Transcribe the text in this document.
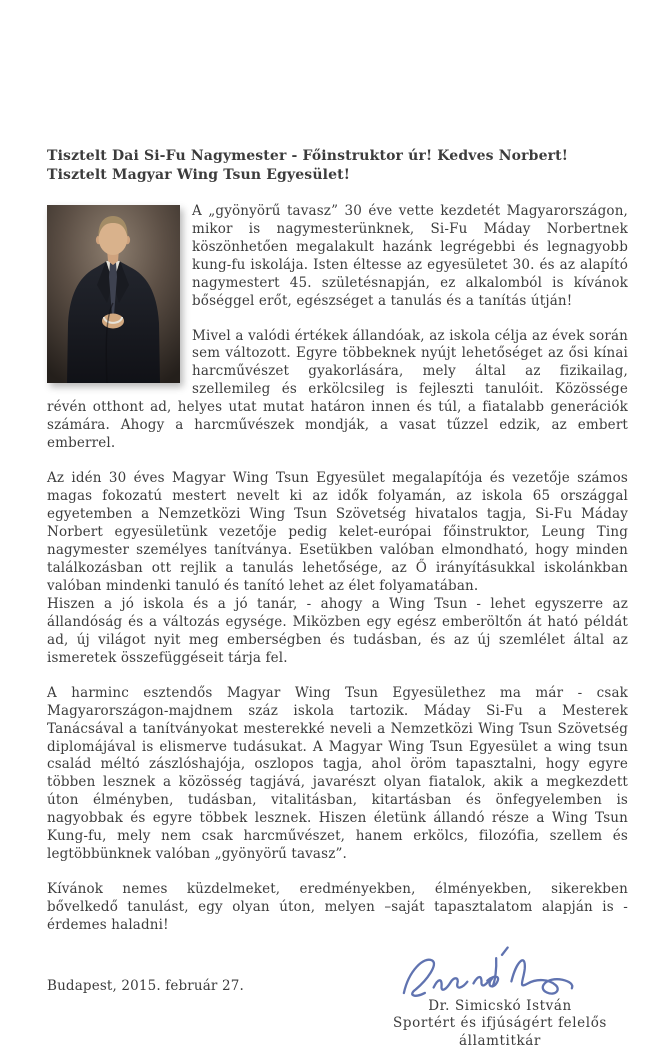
Tisztelt Dai Si-Fu Nagymester - Főinstruktor úr! Kedves Norbert!
Tisztelt Magyar Wing Tsun Egyesület!

A „gyönyörű tavasz” 30 éve vette kezdetét Magyarországon, mikor is nagymesterünknek, Si-Fu Máday Norbertnek köszönhetően megalakult hazánk legrégebbi és legnagyobb kung-fu iskolája. Isten éltesse az egyesületet 30. és az alapító nagymestert 45. születésnapján, ez alkalomból is kívánok bőséggel erőt, egészséget a tanulás és a tanítás útján!

Mivel a valódi értékek állandóak, az iskola célja az évek során sem változott. Egyre többeknek nyújt lehetőséget az ősi kínai harcművészet gyakorlására, mely által az fizikailag, szellemileg és erkölcsileg is fejleszti tanulóit. Közössége révén otthont ad, helyes utat mutat határon innen és túl, a fiatalabb generációk számára. Ahogy a harcművészek mondják, a vasat tűzzel edzik, az embert emberrel.

Az idén 30 éves Magyar Wing Tsun Egyesület megalapítója és vezetője számos magas fokozatú mestert nevelt ki az idők folyamán, az iskola 65 országgal egyetemben a Nemzetközi Wing Tsun Szövetség hivatalos tagja, Si-Fu Máday Norbert egyesületünk vezetője pedig kelet-európai főinstruktor, Leung Ting nagymester személyes tanítványa. Esetükben valóban elmondható, hogy minden találkozásban ott rejlik a tanulás lehetősége, az Ő irányításukkal iskolánkban valóban mindenki tanuló és tanító lehet az élet folyamatában.

Hiszen a jó iskola és a jó tanár, - ahogy a Wing Tsun - lehet egyszerre az állandóság és a változás egysége. Miközben egy egész emberöltőn át ható példát ad, új világot nyit meg emberségben és tudásban, és az új szemlélet által az ismeretek összefüggéseit tárja fel.

A harminc esztendős Magyar Wing Tsun Egyesülethez ma már - csak Magyarországon-majdnem száz iskola tartozik. Máday Si-Fu a Mesterek Tanácsával a tanítványokat mesterekké neveli a Nemzetközi Wing Tsun Szövetség diplomájával is elismerve tudásukat. A Magyar Wing Tsun Egyesület a wing tsun család méltó zászlóshajója, oszlopos tagja, ahol öröm tapasztalni, hogy egyre többen lesznek a közösség tagjává, javarészt olyan fiatalok, akik a megkezdett úton élményben, tudásban, vitalitásban, kitartásban és önfegyelemben is nagyobbak és egyre többek lesznek. Hiszen életünk állandó része a Wing Tsun Kung-fu, mely nem csak harcművészet, hanem erkölcs, filozófia, szellem és legtöbbünknek valóban „gyönyörű tavasz”.

Kívánok nemes küzdelmeket, eredményekben, élményekben, sikerekben bővelkedő tanulást, egy olyan úton, melyen –saját tapasztalatom alapján is - érdemes haladni!

Budapest, 2015. február 27.
Dr. Simicskó István
Sportért és ifjúságért felelős
államtitkár
